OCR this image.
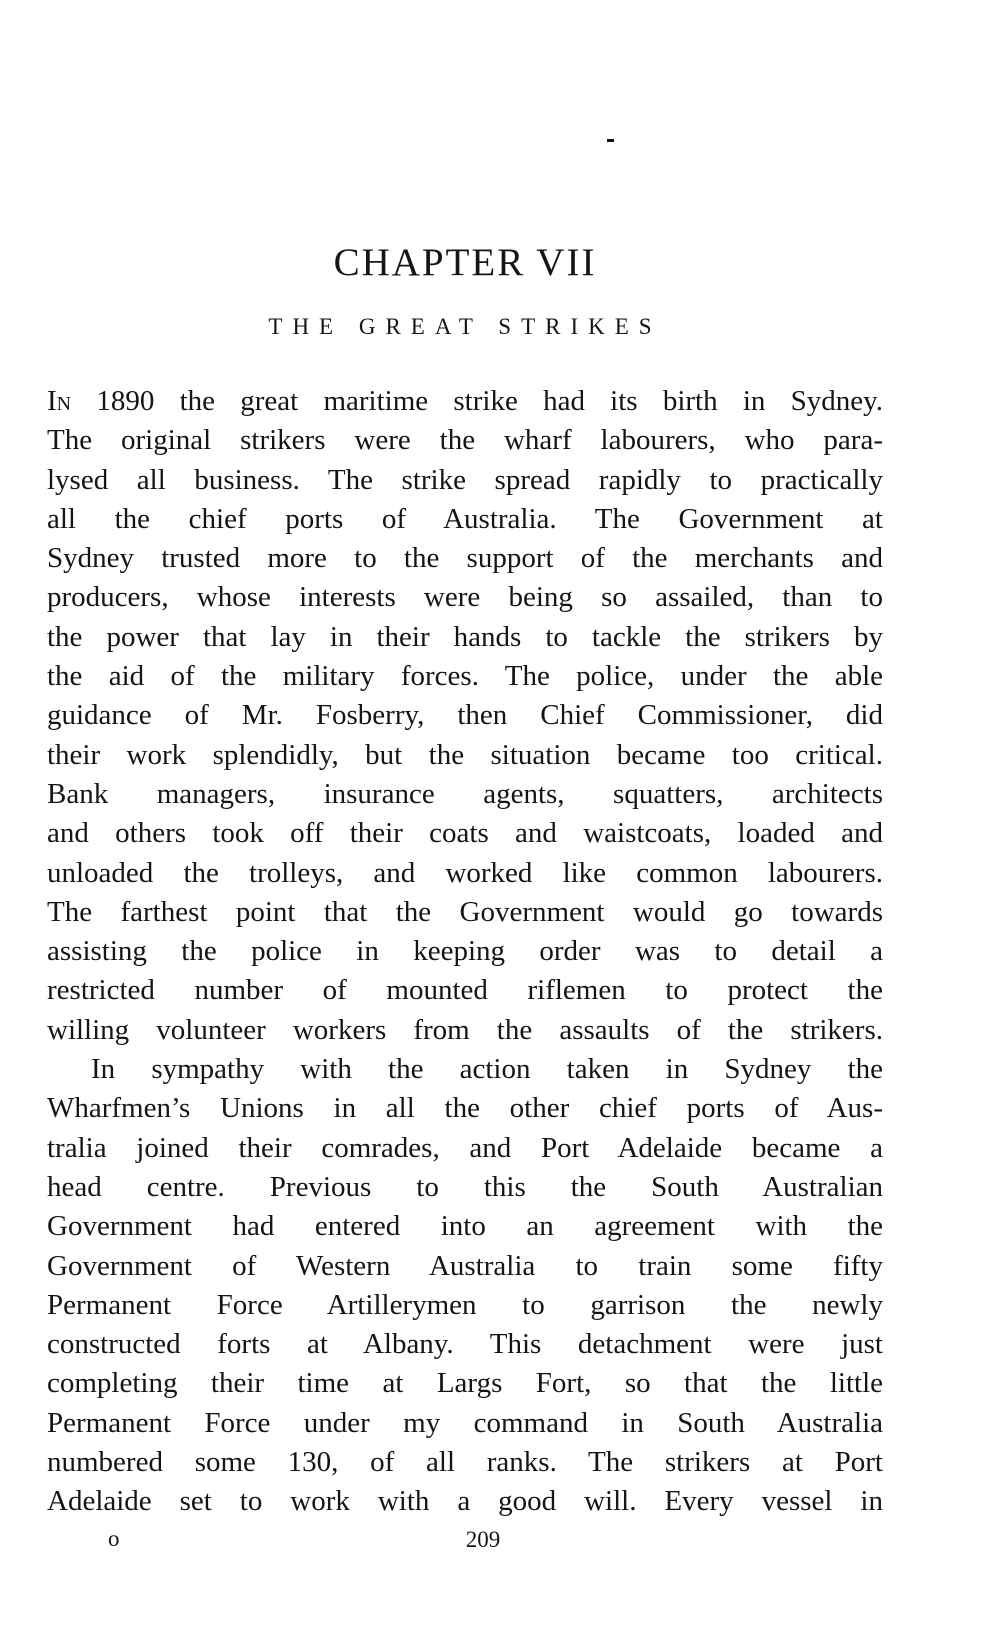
CHAPTER VII
THE GREAT STRIKES
In 1890 the great maritime strike had its birth in Sydney.
The original strikers were the wharf labourers, who para-
lysed all business. The strike spread rapidly to practically
all the chief ports of Australia. The Government at
Sydney trusted more to the support of the merchants and
producers, whose interests were being so assailed, than to
the power that lay in their hands to tackle the strikers by
the aid of the military forces. The police, under the able
guidance of Mr. Fosberry, then Chief Commissioner, did
their work splendidly, but the situation became too critical.
Bank managers, insurance agents, squatters, architects
and others took off their coats and waistcoats, loaded and
unloaded the trolleys, and worked like common labourers.
The farthest point that the Government would go towards
assisting the police in keeping order was to detail a
restricted number of mounted riflemen to protect the
willing volunteer workers from the assaults of the strikers.
In sympathy with the action taken in Sydney the
Wharfmen’s Unions in all the other chief ports of Aus-
tralia joined their comrades, and Port Adelaide became a
head centre. Previous to this the South Australian
Government had entered into an agreement with the
Government of Western Australia to train some fifty
Permanent Force Artillerymen to garrison the newly
constructed forts at Albany. This detachment were just
completing their time at Largs Fort, so that the little
Permanent Force under my command in South Australia
numbered some 130, of all ranks. The strikers at Port
Adelaide set to work with a good will. Every vessel in
o	209
